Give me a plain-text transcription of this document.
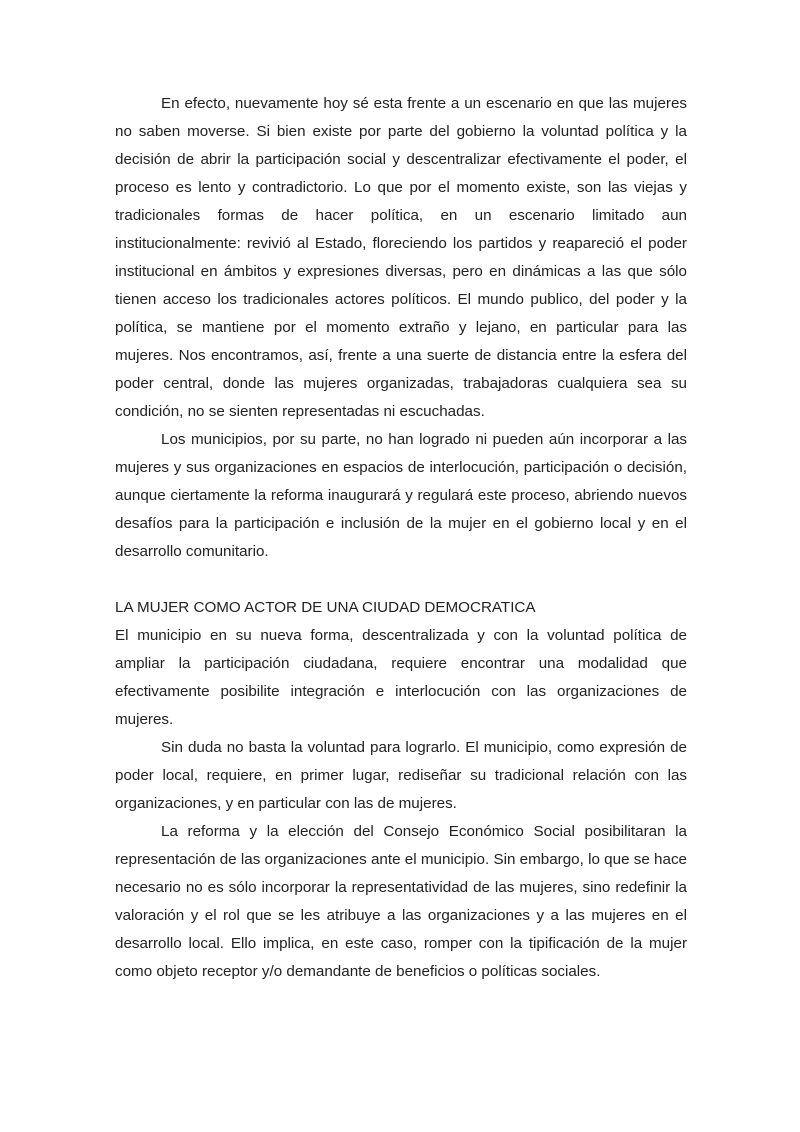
En efecto, nuevamente hoy sé esta frente a un escenario en que las mujeres no saben moverse. Si bien existe por parte del gobierno la voluntad política y la decisión de abrir la participación social y descentralizar efectivamente el poder, el proceso es lento y contradictorio. Lo que por el momento existe, son las viejas y tradicionales formas de hacer política, en un escenario limitado aun institucionalmente: revivió al Estado, floreciendo los partidos y reapareció el poder institucional en ámbitos y expresiones diversas, pero en dinámicas a las que sólo tienen acceso los tradicionales actores políticos. El mundo publico, del poder y la política, se mantiene por el momento extraño y lejano, en particular para las mujeres. Nos encontramos, así, frente a una suerte de distancia entre la esfera del poder central, donde las mujeres organizadas, trabajadoras cualquiera sea su condición, no se sienten representadas ni escuchadas.

Los municipios, por su parte, no han logrado ni pueden aún incorporar a las mujeres y sus organizaciones en espacios de interlocución, participación o decisión, aunque ciertamente la reforma inaugurará y regulará este proceso, abriendo nuevos desafíos para la participación e inclusión de la mujer en el gobierno local y en el desarrollo comunitario.

LA MUJER COMO ACTOR DE UNA CIUDAD DEMOCRATICA

El municipio en su nueva forma, descentralizada y con la voluntad política de ampliar la participación ciudadana, requiere encontrar una modalidad que efectivamente posibilite integración e interlocución con las organizaciones de mujeres.

Sin duda no basta la voluntad para lograrlo. El municipio, como expresión de poder local, requiere, en primer lugar, rediseñar su tradicional relación con las organizaciones, y en particular con las de mujeres.

La reforma y la elección del Consejo Económico Social posibilitaran la representación de las organizaciones ante el municipio. Sin embargo, lo que se hace necesario no es sólo incorporar la representatividad de las mujeres, sino redefinir la valoración y el rol que se les atribuye a las organizaciones y a las mujeres en el desarrollo local. Ello implica, en este caso, romper con la tipificación de la mujer como objeto receptor y/o demandante de beneficios o políticas sociales.
